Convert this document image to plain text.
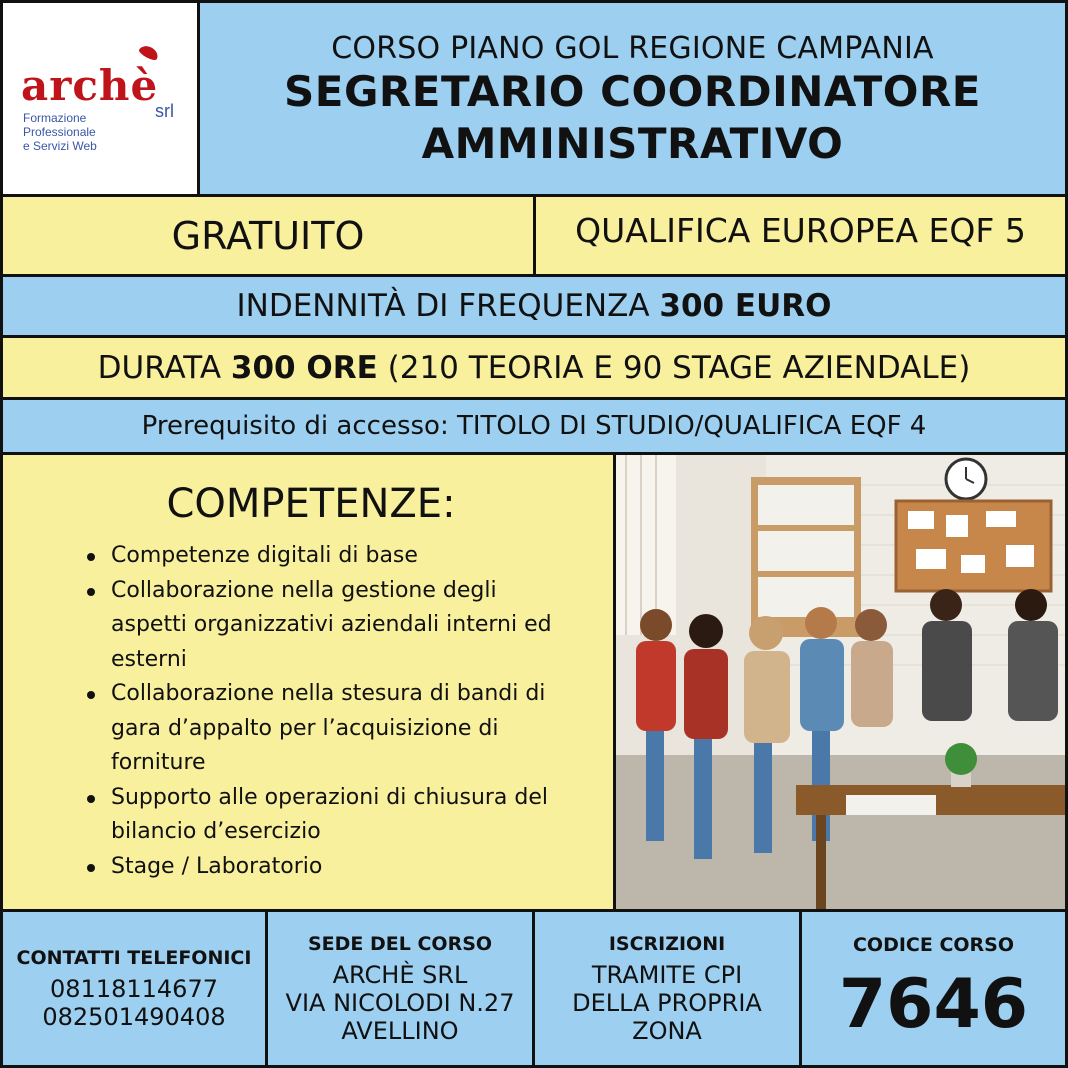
archè
srl
Formazione
Professionale
e Servizi Web
CORSO PIANO GOL REGIONE CAMPANIA
SEGRETARIO COORDINATORE
AMMINISTRATIVO
GRATUITO	QUALIFICA EUROPEA EQF 5
INDENNITÀ DI FREQUENZA 300 EURO
DURATA 300 ORE (210 TEORIA E 90 STAGE AZIENDALE)
Prerequisito di accesso: TITOLO DI STUDIO/QUALIFICA EQF 4
COMPETENZE:
Competenze digitali di base
Collaborazione nella gestione degli aspetti organizzativi aziendali interni ed esterni
Collaborazione nella stesura di bandi di gara d’appalto per l’acquisizione di forniture
Supporto alle operazioni di chiusura del bilancio d’esercizio
Stage / Laboratorio
CONTATTI TELEFONICI
08118114677
082501490408
SEDE DEL CORSO
ARCHÈ SRL
VIA NICOLODI N.27
AVELLINO
ISCRIZIONI
TRAMITE CPI
DELLA PROPRIA
ZONA
CODICE CORSO
7646
